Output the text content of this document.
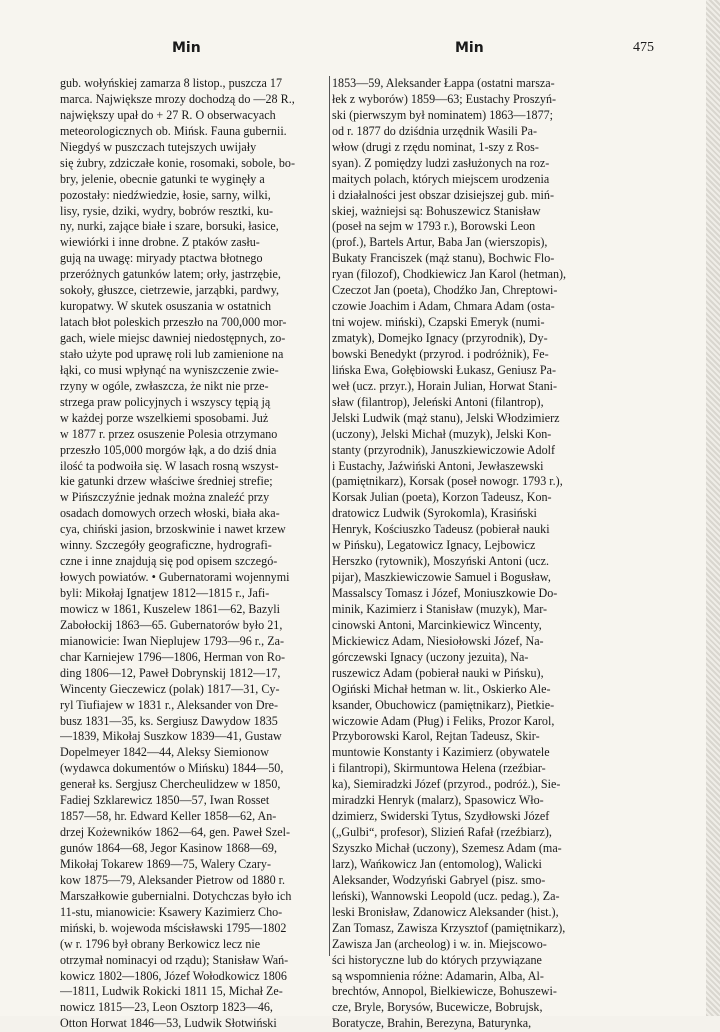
Min	Min	475
gub. wołyńskiej zamarza 8 listop., puszcza 17
marca. Największe mrozy dochodzą do —28 R.,
największy upał do + 27 R. O obserwacyach
meteorologicznych ob. Mińsk. Fauna gubernii.
Niegdyś w puszczach tutejszych uwijały
się żubry, zdziczałe konie, rosomaki, sobole, bo-
bry, jelenie, obecnie gatunki te wyginęły a
pozostały: niedźwiedzie, łosie, sarny, wilki,
lisy, rysie, dziki, wydry, bobrów resztki, ku-
ny, nurki, zające białe i szare, borsuki, łasice,
wiewiórki i inne drobne. Z ptaków zasłu-
gują na uwagę: miryady ptactwa błotnego
przeróżnych gatunków latem; orły, jastrzębie,
sokoły, głuszce, cietrzewie, jarząbki, pardwy,
kuropatwy. W skutek osuszania w ostatnich
latach błot poleskich przeszło na 700,000 mor-
gach, wiele miejsc dawniej niedostępnych, zo-
stało użyte pod uprawę roli lub zamienione na
łąki, co musi wpłynąć na wyniszczenie zwie-
rzyny w ogóle, zwłaszcza, że nikt nie prze-
strzega praw policyjnych i wszyscy tępią ją
w każdej porze wszelkiemi sposobami. Już
w 1877 r. przez osuszenie Polesia otrzymano
przeszło 105,000 morgów łąk, a do dziś dnia
ilość ta podwoiła się. W lasach rosną wszyst-
kie gatunki drzew właściwe średniej strefie;
w Pińszczyźnie jednak można znaleźć przy
osadach domowych orzech włoski, biała aka-
cya, chiński jasion, brzoskwinie i nawet krzew
winny. Szczegóły geograficzne, hydrografi-
czne i inne znajdują się pod opisem szczegó-
łowych powiatów. • Gubernatorami wojennymi
byli: Mikołaj Ignatjew 1812—1815 r., Jafi-
mowicz w 1861, Kuszelew 1861—62, Bazyli
Zabołockij 1863—65. Gubernatorów było 21,
mianowicie: Iwan Nieplujew 1793—96 r., Za-
char Karniejew 1796—1806, Herman von Ro-
ding 1806—12, Paweł Dobrynskij 1812—17,
Wincenty Gieczewicz (polak) 1817—31, Cy-
ryl Tiufiajew w 1831 r., Aleksander von Dre-
busz 1831—35, ks. Sergiusz Dawydow 1835
—1839, Mikołaj Suszkow 1839—41, Gustaw
Dopelmeyer 1842—44, Aleksy Siemionow
(wydawca dokumentów o Mińsku) 1844—50,
generał ks. Sergjusz Chercheulidzew w 1850,
Fadiej Szklarewicz 1850—57, Iwan Rosset
1857—58, hr. Edward Keller 1858—62, An-
drzej Kożewników 1862—64, gen. Paweł Szel-
gunów 1864—68, Jegor Kasinow 1868—69,
Mikołaj Tokarew 1869—75, Walery Czary-
kow 1875—79, Aleksander Pietrow od 1880 r.
Marszałkowie gubernialni. Dotychczas było ich
11-stu, mianowicie: Ksawery Kazimierz Cho-
miński, b. wojewoda mścisławski 1795—1802
(w r. 1796 był obrany Berkowicz lecz nie
otrzymał nominacyi od rządu); Stanisław Wań-
kowicz 1802—1806, Józef Wołodkowicz 1806
—1811, Ludwik Rokicki 1811 15, Michał Ze-
nowicz 1815—23, Leon Osztorp 1823—46,
Otton Horwat 1846—53, Ludwik Słotwiński
1853—59, Aleksander Łappa (ostatni marsza-
łek z wyborów) 1859—63; Eustachy Proszyń-
ski (pierwszym był nominatem) 1863—1877;
od r. 1877 do dziśdnia urzędnik Wasili Pa-
włow (drugi z rzędu nominat, 1-szy z Ros-
syan). Z pomiędzy ludzi zasłużonych na roz-
maitych polach, których miejscem urodzenia
i działalności jest obszar dzisiejszej gub. miń-
skiej, ważniejsi są: Bohuszewicz Stanisław
(poseł na sejm w 1793 r.), Borowski Leon
(prof.), Bartels Artur, Baba Jan (wierszopis),
Bukaty Franciszek (mąż stanu), Bochwic Flo-
ryan (filozof), Chodkiewicz Jan Karol (hetman),
Czeczot Jan (poeta), Chodźko Jan, Chreptowi-
czowie Joachim i Adam, Chmara Adam (osta-
tni wojew. miński), Czapski Emeryk (numi-
zmatyk), Domejko Ignacy (przyrodnik), Dy-
bowski Benedykt (przyrod. i podróżnik), Fe-
lińska Ewa, Gołębiowski Łukasz, Geniusz Pa-
weł (ucz. przyr.), Horain Julian, Horwat Stani-
sław (filantrop), Jeleński Antoni (filantrop),
Jelski Ludwik (mąż stanu), Jelski Włodzimierz
(uczony), Jelski Michał (muzyk), Jelski Kon-
stanty (przyrodnik), Januszkiewiczowie Adolf
i Eustachy, Jaźwiński Antoni, Jewłaszewski
(pamiętnikarz), Korsak (poseł nowogr. 1793 r.),
Korsak Julian (poeta), Korzon Tadeusz, Kon-
dratowicz Ludwik (Syrokomla), Krasiński
Henryk, Kościuszko Tadeusz (pobierał nauki
w Pińsku), Legatowicz Ignacy, Lejbowicz
Herszko (rytownik), Moszyński Antoni (ucz.
pijar), Maszkiewiczowie Samuel i Bogusław,
Massalscy Tomasz i Józef, Moniuszkowie Do-
minik, Kazimierz i Stanisław (muzyk), Mar-
cinowski Antoni, Marcinkiewicz Wincenty,
Mickiewicz Adam, Niesiołowski Józef, Na-
górczewski Ignacy (uczony jezuita), Na-
ruszewicz Adam (pobierał nauki w Pińsku),
Ogiński Michał hetman w. lit., Oskierko Ale-
ksander, Obuchowicz (pamiętnikarz), Pietkie-
wiczowie Adam (Pług) i Feliks, Prozor Karol,
Przyborowski Karol, Rejtan Tadeusz, Skir-
muntowie Konstanty i Kazimierz (obywatele
i filantropi), Skirmuntowa Helena (rzeźbiar-
ka), Siemiradzki Józef (przyrod., podróż.), Sie-
miradzki Henryk (malarz), Spasowicz Wło-
dzimierz, Swiderski Tytus, Szydłowski Józef
(„Gulbi“, profesor), Slizień Rafał (rzeźbiarz),
Szyszko Michał (uczony), Szemesz Adam (ma-
larz), Wańkowicz Jan (entomolog), Walicki
Aleksander, Wodzyński Gabryel (pisz. smo-
leński), Wannowski Leopold (ucz. pedag.), Za-
leski Bronisław, Zdanowicz Aleksander (hist.),
Zan Tomasz, Zawisza Krzysztof (pamiętnikarz),
Zawisza Jan (archeolog) i w. in. Miejscowo-
ści historyczne lub do których przywiązane
są wspomnienia różne: Adamarin, Alba, Al-
brechtów, Annopol, Bielkiewicze, Bohuszewi-
cze, Bryle, Borysów, Bucewicze, Bobrujsk,
Boratycze, Brahin, Berezyna, Baturynka,
